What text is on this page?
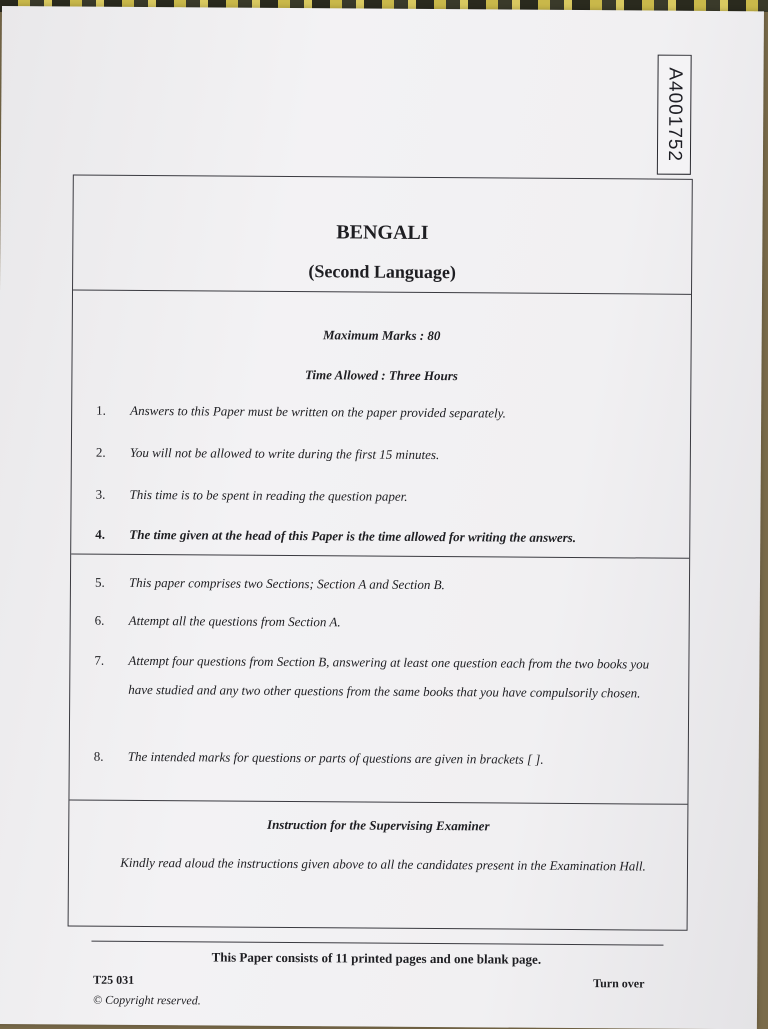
A4001752
BENGALI
(Second Language)
Maximum Marks : 80
Time Allowed : Three Hours
1. Answers to this Paper must be written on the paper provided separately.
2. You will not be allowed to write during the first 15 minutes.
3. This time is to be spent in reading the question paper.
4. The time given at the head of this Paper is the time allowed for writing the answers.
5. This paper comprises two Sections; Section A and Section B.
6. Attempt all the questions from Section A.
7. Attempt four questions from Section B, answering at least one question each from the two books you have studied and any two other questions from the same books that you have compulsorily chosen.
8. The intended marks for questions or parts of questions are given in brackets [ ].
Instruction for the Supervising Examiner
Kindly read aloud the instructions given above to all the candidates present in the Examination Hall.
This Paper consists of 11 printed pages and one blank page.
T25 031
© Copyright reserved.
Turn over
